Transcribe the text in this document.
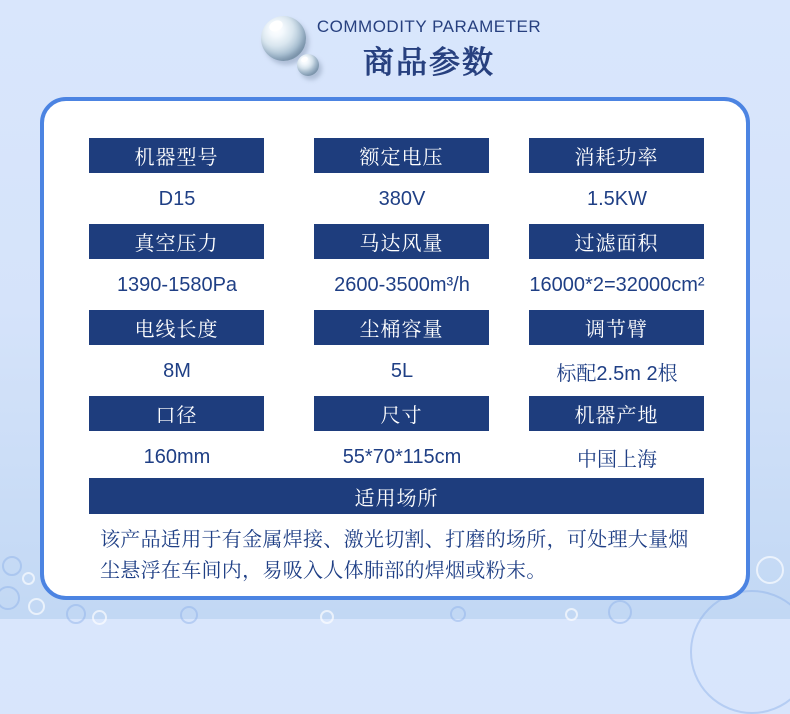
COMMODITY PARAMETER
商品参数
机器型号	额定电压	消耗功率
D15	380V	1.5KW
真空压力	马达风量	过滤面积
1390-1580Pa	2600-3500m³/h	16000*2=32000cm²
电线长度	尘桶容量	调节臂
8M	5L	标配2.5m 2根
口径	尺寸	机器产地
160mm	55*70*115cm	中国上海
适用场所
该产品适用于有金属焊接、激光切割、打磨的场所，可处理大量烟尘悬浮在车间内，易吸入人体肺部的焊烟或粉末。
